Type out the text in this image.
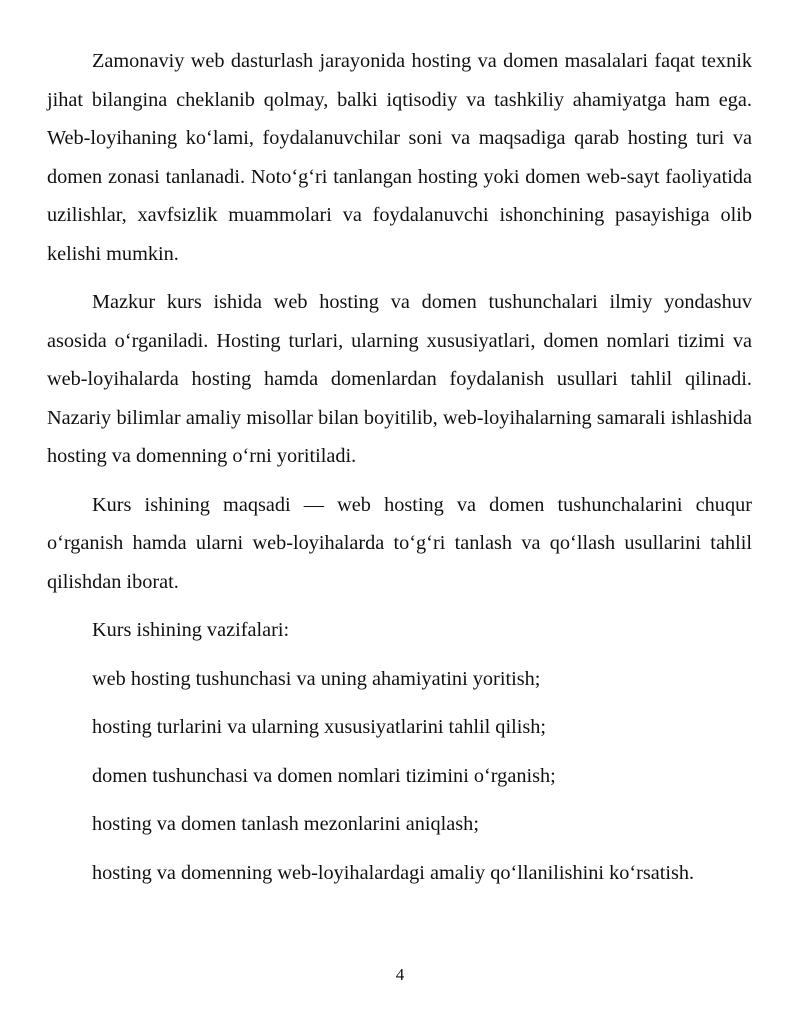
Zamonaviy web dasturlash jarayonida hosting va domen masalalari faqat texnik jihat bilangina cheklanib qolmay, balki iqtisodiy va tashkiliy ahamiyatga ham ega. Web-loyihaning ko‘lami, foydalanuvchilar soni va maqsadiga qarab hosting turi va domen zonasi tanlanadi. Noto‘g‘ri tanlangan hosting yoki domen web-sayt faoliyatida uzilishlar, xavfsizlik muammolari va foydalanuvchi ishonchining pasayishiga olib kelishi mumkin.

Mazkur kurs ishida web hosting va domen tushunchalari ilmiy yondashuv asosida o‘rganiladi. Hosting turlari, ularning xususiyatlari, domen nomlari tizimi va web-loyihalarda hosting hamda domenlardan foydalanish usullari tahlil qilinadi. Nazariy bilimlar amaliy misollar bilan boyitilib, web-loyihalarning samarali ishlashida hosting va domenning o‘rni yoritiladi.

Kurs ishining maqsadi — web hosting va domen tushunchalarini chuqur o‘rganish hamda ularni web-loyihalarda to‘g‘ri tanlash va qo‘llash usullarini tahlil qilishdan iborat.

Kurs ishining vazifalari:

web hosting tushunchasi va uning ahamiyatini yoritish;

hosting turlarini va ularning xususiyatlarini tahlil qilish;

domen tushunchasi va domen nomlari tizimini o‘rganish;

hosting va domen tanlash mezonlarini aniqlash;

hosting va domenning web-loyihalardagi amaliy qo‘llanilishini ko‘rsatish.

4
